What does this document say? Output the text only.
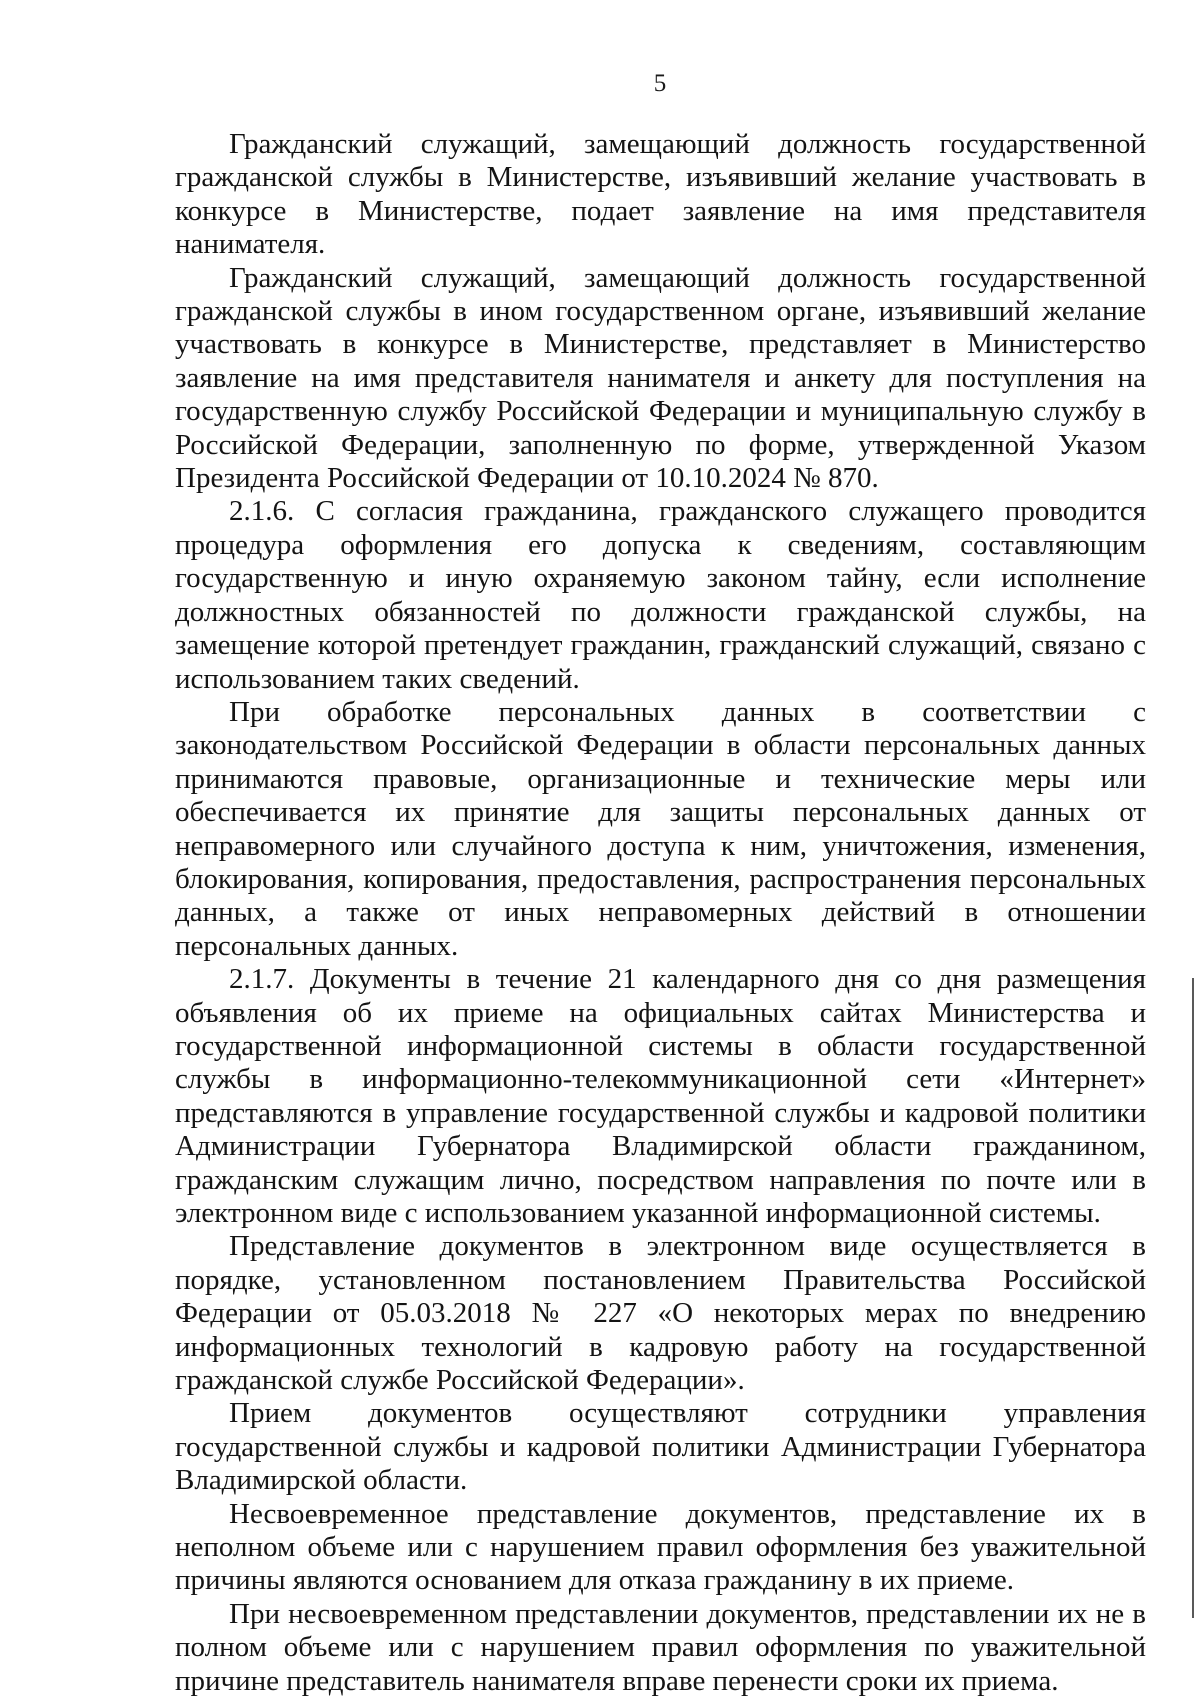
5

Гражданский служащий, замещающий должность государственной гражданской службы в Министерстве, изъявивший желание участвовать в конкурсе в Министерстве, подает заявление на имя представителя нанимателя.

Гражданский служащий, замещающий должность государственной гражданской службы в ином государственном органе, изъявивший желание участвовать в конкурсе в Министерстве, представляет в Министерство заявление на имя представителя нанимателя и анкету для поступления на государственную службу Российской Федерации и муниципальную службу в Российской Федерации, заполненную по форме, утвержденной Указом Президента Российской Федерации от 10.10.2024 № 870.

2.1.6. С согласия гражданина, гражданского служащего проводится процедура оформления его допуска к сведениям, составляющим государственную и иную охраняемую законом тайну, если исполнение должностных обязанностей по должности гражданской службы, на замещение которой претендует гражданин, гражданский служащий, связано с использованием таких сведений.

При обработке персональных данных в соответствии с законодательством Российской Федерации в области персональных данных принимаются правовые, организационные и технические меры или обеспечивается их принятие для защиты персональных данных от неправомерного или случайного доступа к ним, уничтожения, изменения, блокирования, копирования, предоставления, распространения персональных данных, а также от иных неправомерных действий в отношении персональных данных.

2.1.7. Документы в течение 21 календарного дня со дня размещения объявления об их приеме на официальных сайтах Министерства и государственной информационной системы в области государственной службы в информационно-телекоммуникационной сети «Интернет» представляются в управление государственной службы и кадровой политики Администрации Губернатора Владимирской области гражданином, гражданским служащим лично, посредством направления по почте или в электронном виде с использованием указанной информационной системы.

Представление документов в электронном виде осуществляется в порядке, установленном постановлением Правительства Российской Федерации от 05.03.2018 № 227 «О некоторых мерах по внедрению информационных технологий в кадровую работу на государственной гражданской службе Российской Федерации».

Прием документов осуществляют сотрудники управления государственной службы и кадровой политики Администрации Губернатора Владимирской области.

Несвоевременное представление документов, представление их в неполном объеме или с нарушением правил оформления без уважительной причины являются основанием для отказа гражданину в их приеме.

При несвоевременном представлении документов, представлении их не в полном объеме или с нарушением правил оформления по уважительной причине представитель нанимателя вправе перенести сроки их приема.
